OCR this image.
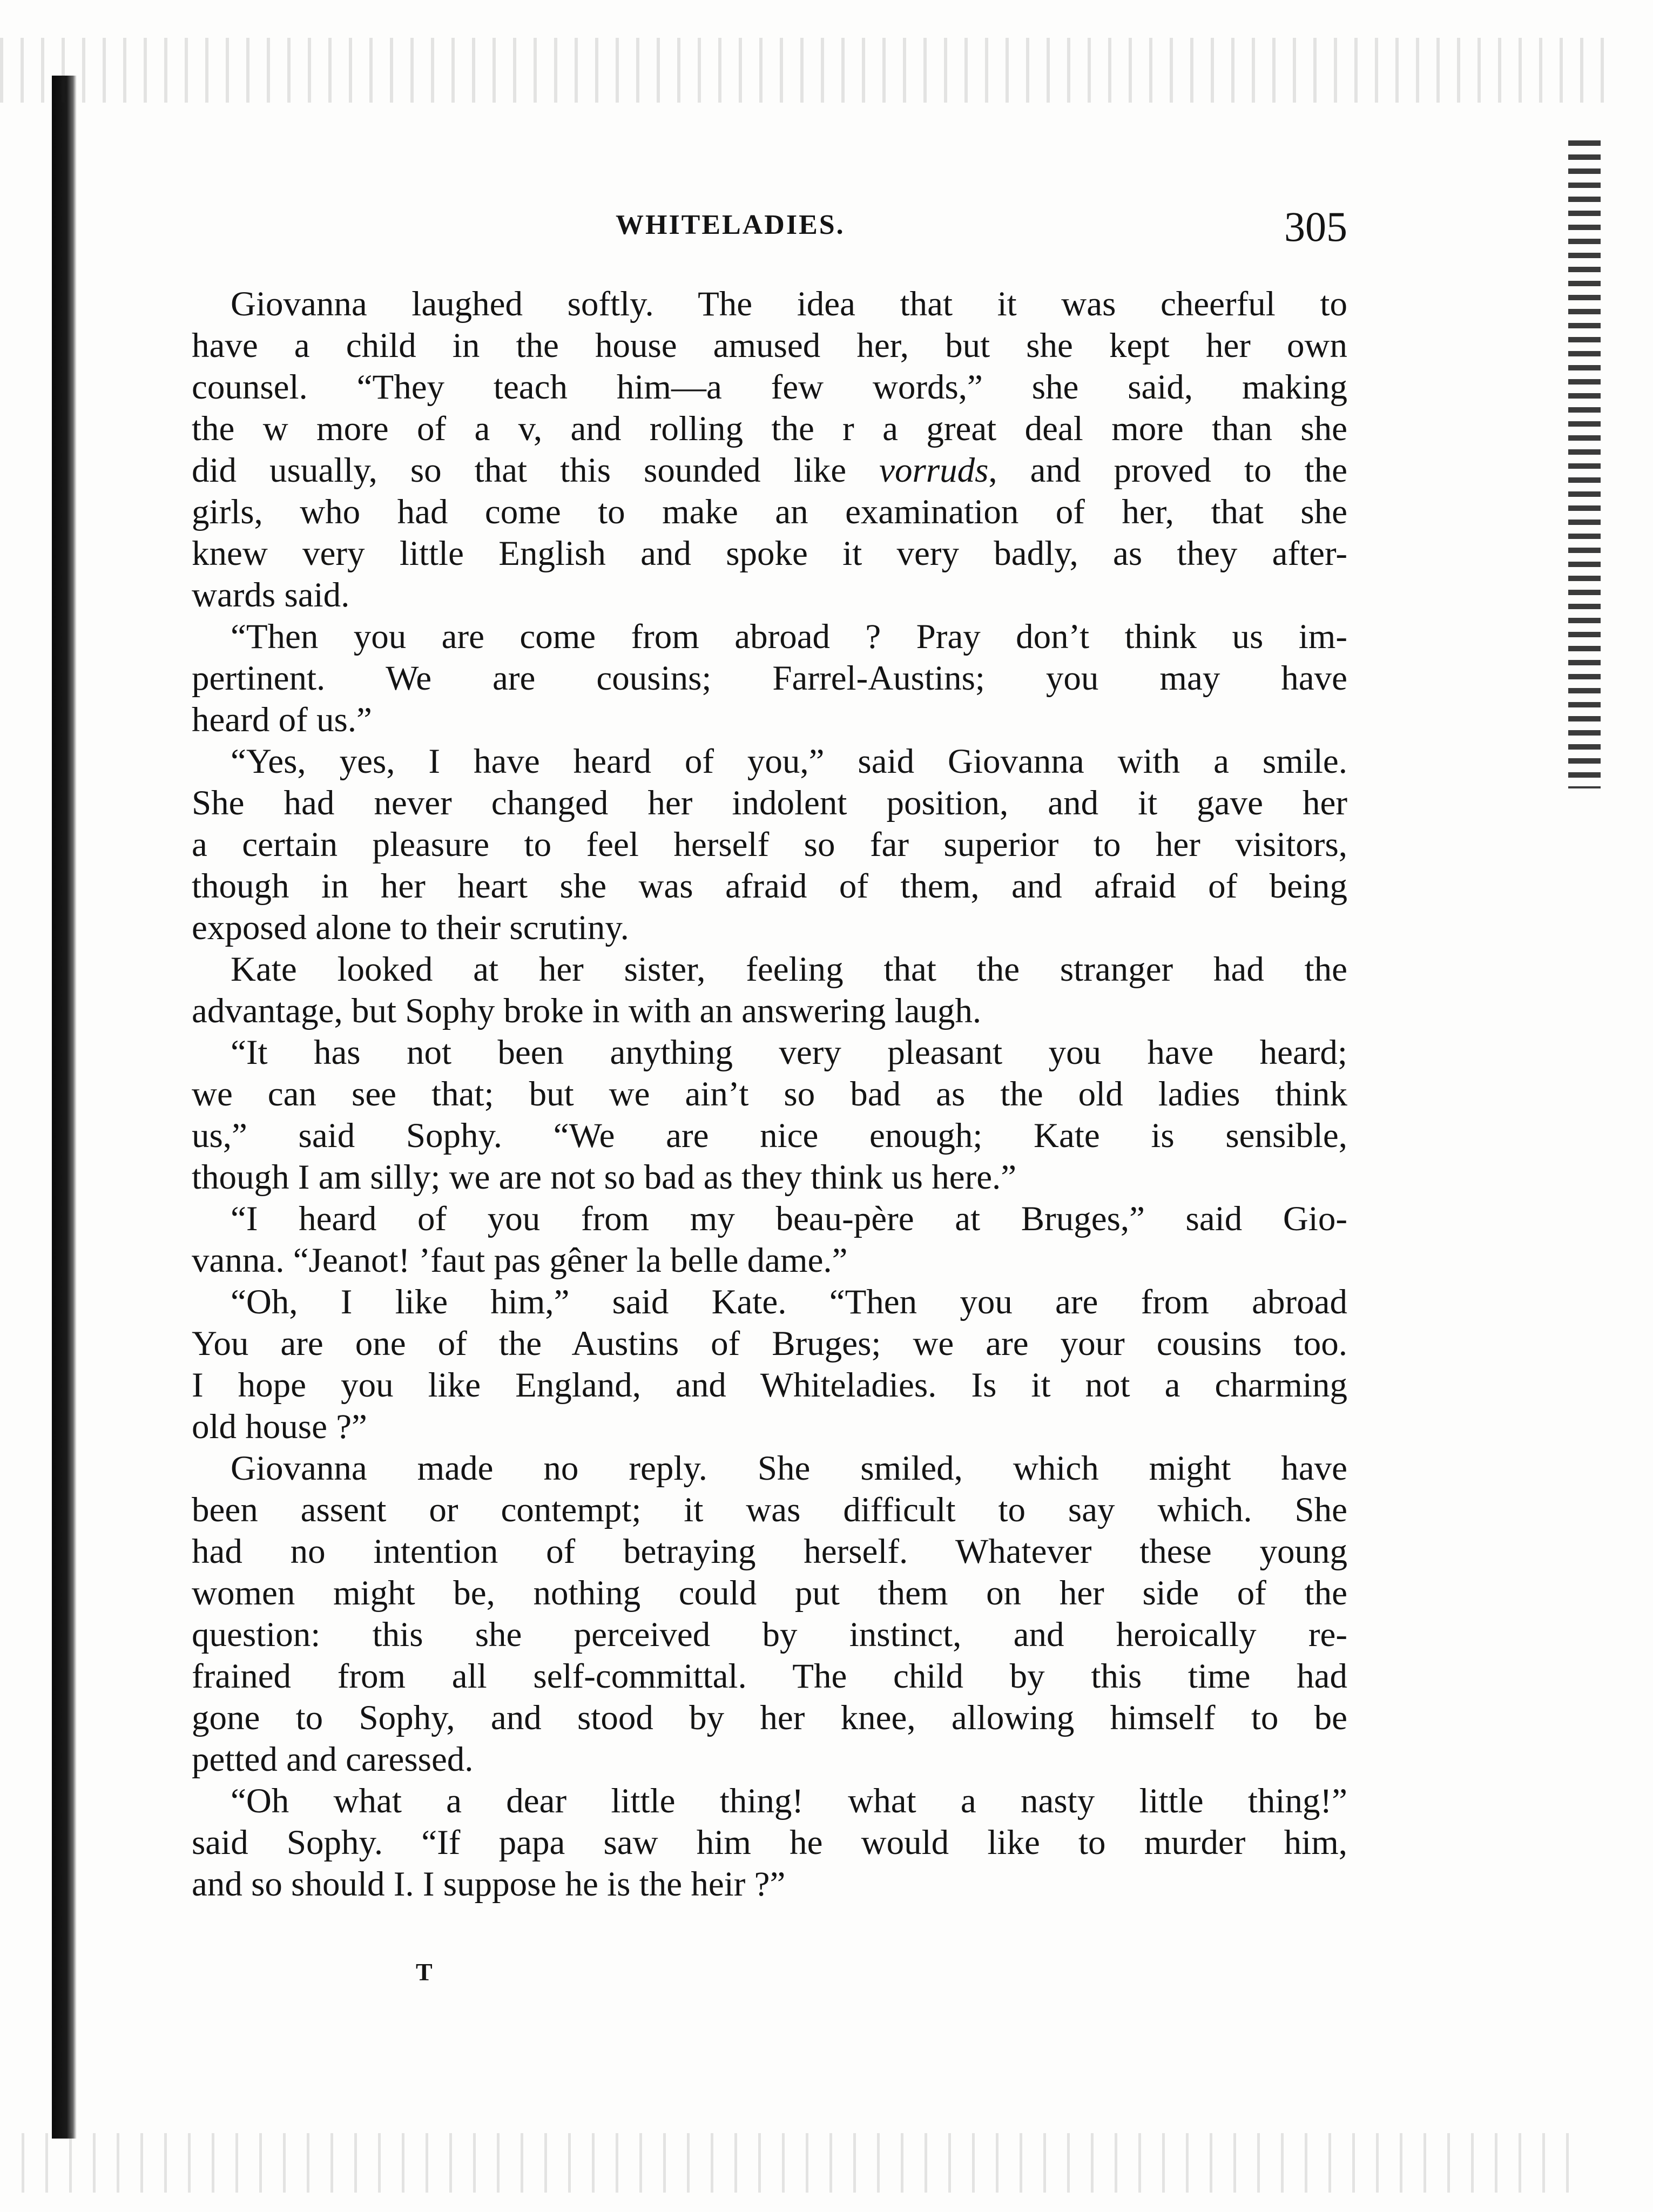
WHITELADIES.	305
Giovanna laughed softly. The idea that it was cheerful to
have a child in the house amused her, but she kept her own
counsel. “They teach him—a few words,” she said, making
the w more of a v, and rolling the r a great deal more than she
did usually, so that this sounded like vorruds, and proved to the
girls, who had come to make an examination of her, that she
knew very little English and spoke it very badly, as they after-
wards said.
“Then you are come from abroad ? Pray don’t think us im-
pertinent. We are cousins; Farrel-Austins; you may have
heard of us.”
“Yes, yes, I have heard of you,” said Giovanna with a smile.
She had never changed her indolent position, and it gave her
a certain pleasure to feel herself so far superior to her visitors,
though in her heart she was afraid of them, and afraid of being
exposed alone to their scrutiny.
Kate looked at her sister, feeling that the stranger had the
advantage, but Sophy broke in with an answering laugh.
“It has not been anything very pleasant you have heard;
we can see that; but we ain’t so bad as the old ladies think
us,” said Sophy. “We are nice enough; Kate is sensible,
though I am silly; we are not so bad as they think us here.”
“I heard of you from my beau-père at Bruges,” said Gio-
vanna. “Jeanot! ’faut pas gêner la belle dame.”
“Oh, I like him,” said Kate. “Then you are from abroad
You are one of the Austins of Bruges; we are your cousins too.
I hope you like England, and Whiteladies. Is it not a charming
old house ?”
Giovanna made no reply. She smiled, which might have
been assent or contempt; it was difficult to say which. She
had no intention of betraying herself. Whatever these young
women might be, nothing could put them on her side of the
question: this she perceived by instinct, and heroically re-
frained from all self-committal. The child by this time had
gone to Sophy, and stood by her knee, allowing himself to be
petted and caressed.
“Oh what a dear little thing! what a nasty little thing!”
said Sophy. “If papa saw him he would like to murder him,
and so should I. I suppose he is the heir ?”
T
